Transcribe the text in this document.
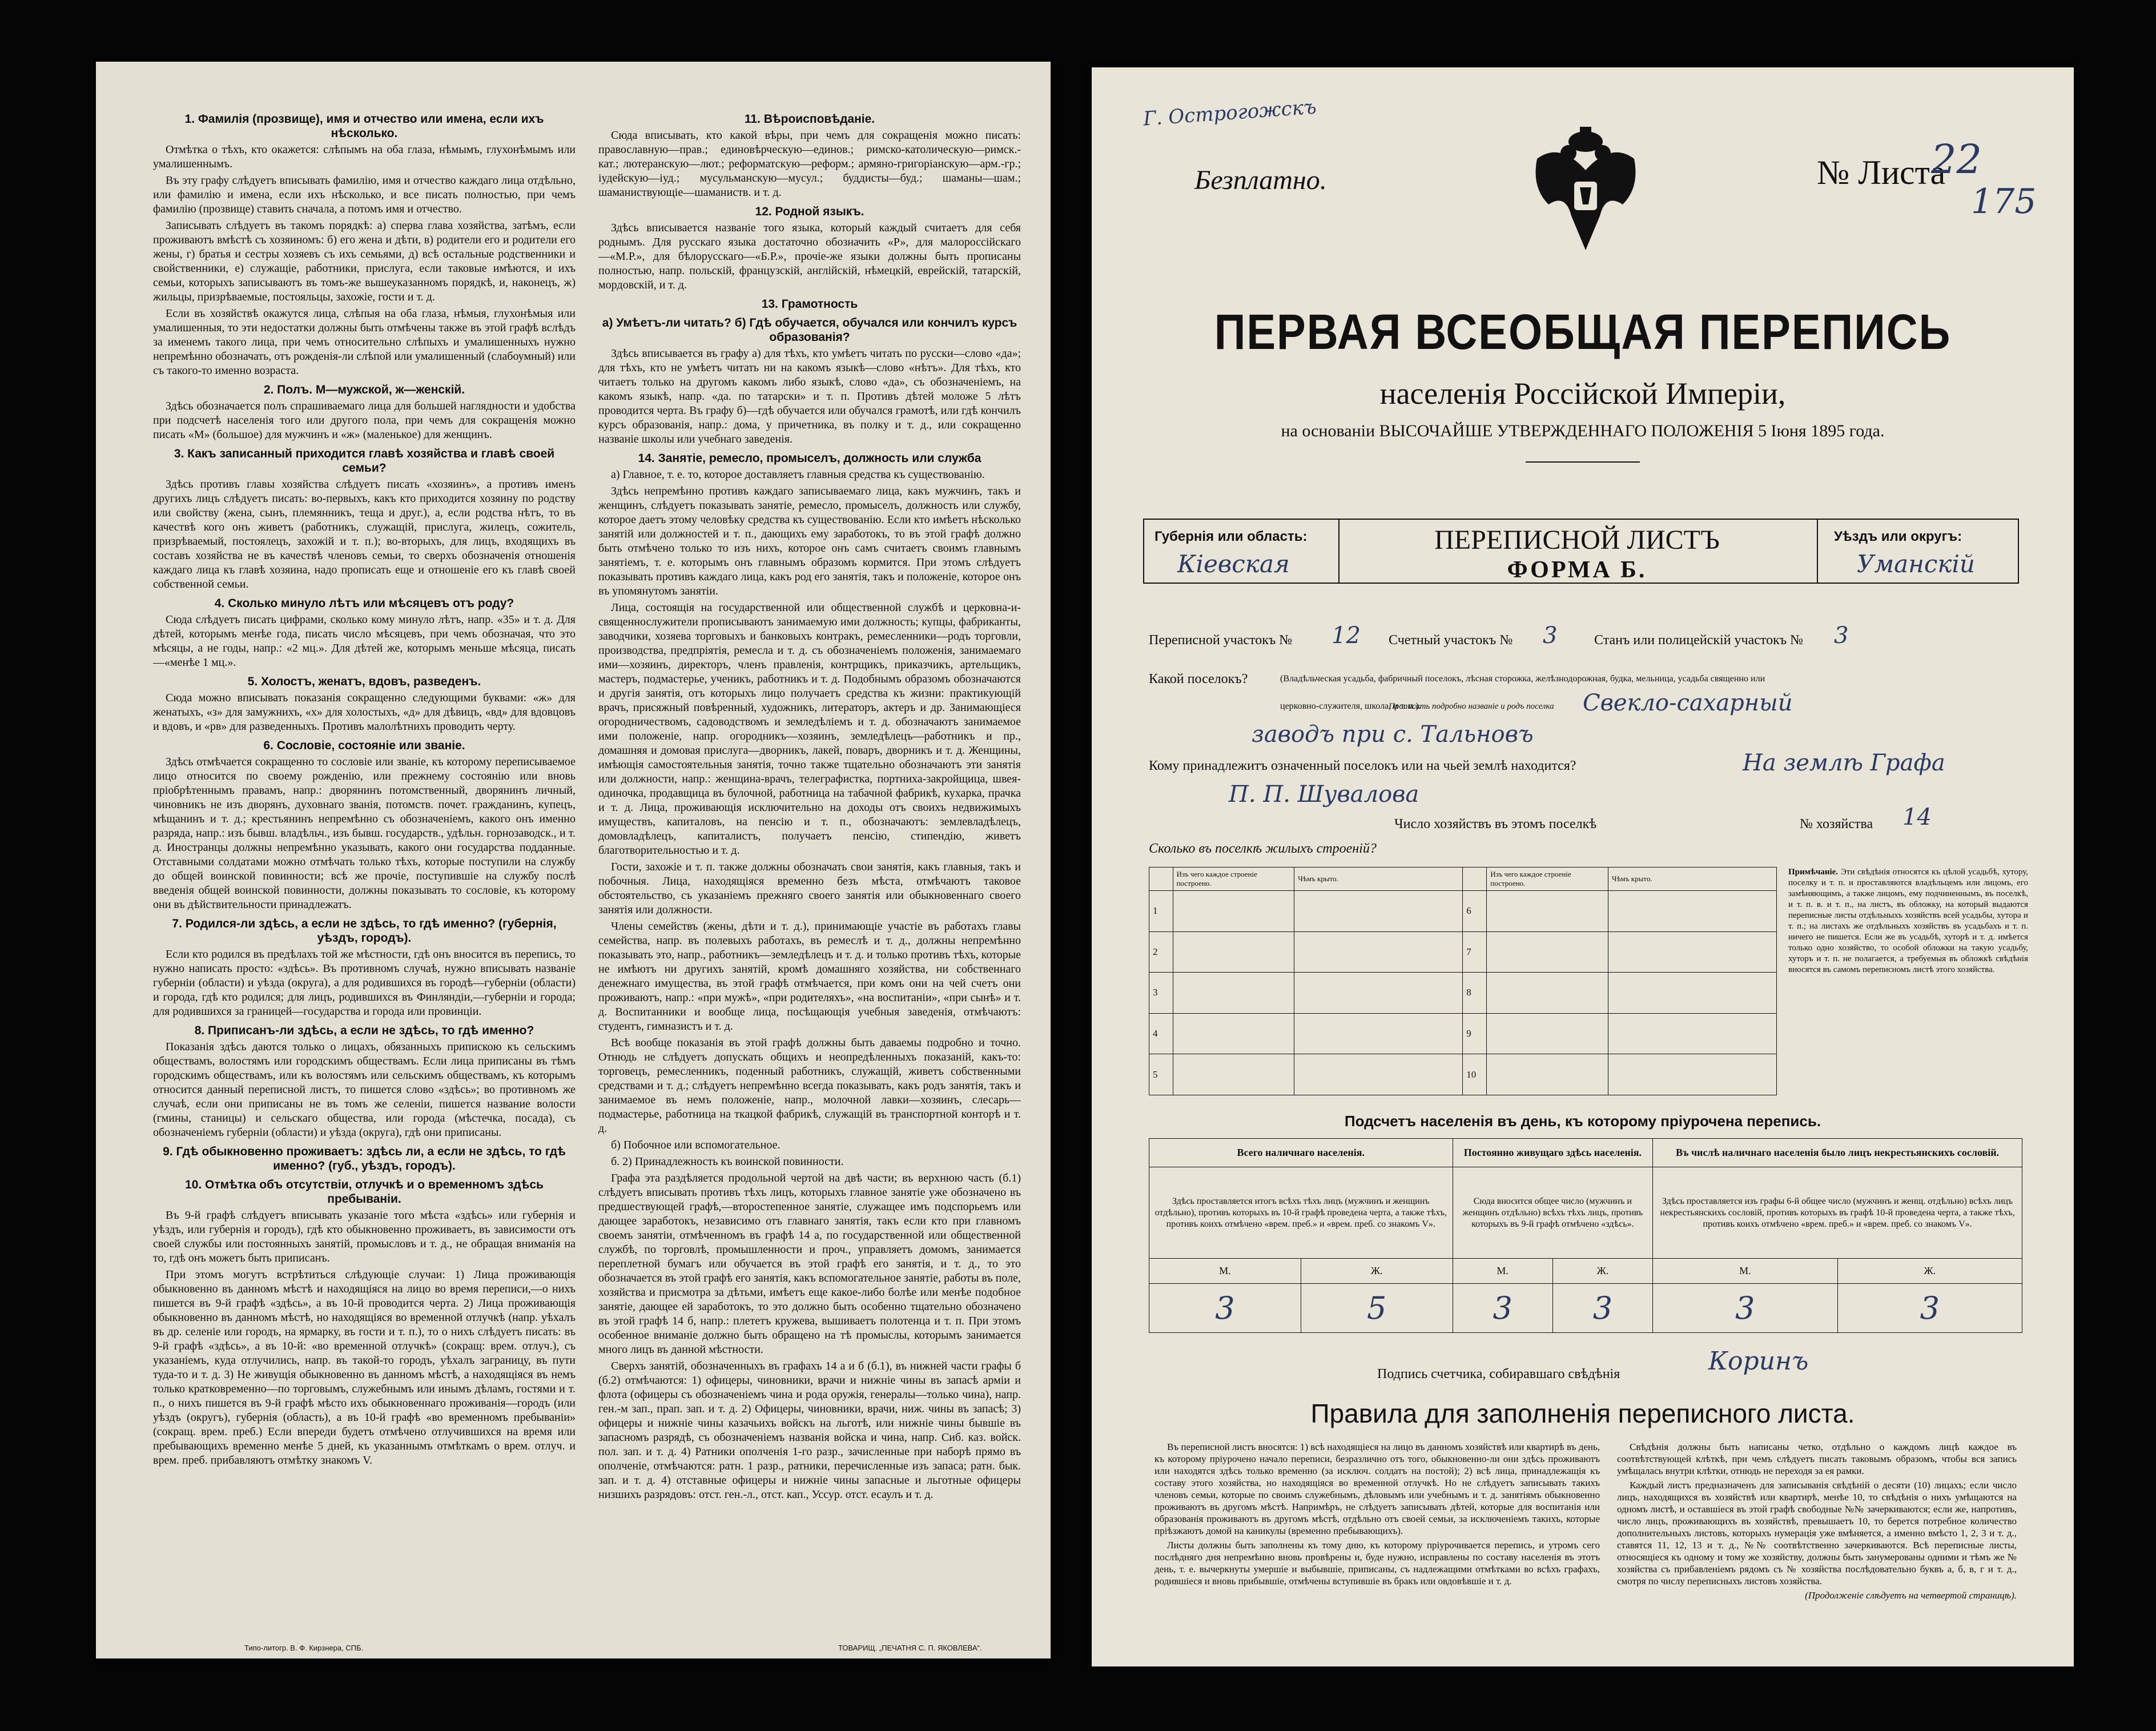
1. Фамилія (прозвище), имя и отчество или имена, если ихъ нѣсколько.
Отмѣтка о тѣхъ, кто окажется: слѣпымъ на оба глаза, нѣмымъ, глухонѣмымъ или умалишеннымъ.
Въ эту графу слѣдуетъ вписывать фамилію, имя и отчество каждаго лица отдѣльно, или фамилію и имена, если ихъ нѣсколько, и все писать полностью, при чемъ фамилію (прозвище) ставить сначала, а потомъ имя и отчество.
Записывать слѣдуетъ въ такомъ порядкѣ: а) сперва глава хозяйства, затѣмъ, если проживаютъ вмѣстѣ съ хозяиномъ: б) его жена и дѣти, в) родители его и родители его жены, г) братья и сестры хозяевъ съ ихъ семьями, д) всѣ остальные родственники и свойственники, е) служащіе, работники, прислуга, если таковые имѣются, и ихъ семьи, которыхъ записываютъ въ томъ-же вышеуказанномъ порядкѣ, и, наконецъ, ж) жильцы, призрѣваемые, постояльцы, захожіе, гости и т. д.
Если въ хозяйствѣ окажутся лица, слѣпыя на оба глаза, нѣмыя, глухонѣмыя или умалишенныя, то эти недостатки должны быть отмѣчены также въ этой графѣ вслѣдъ за именемъ такого лица, при чемъ относительно слѣпыхъ и умалишенныхъ нужно непремѣнно обозначать, отъ рожденія-ли слѣпой или умалишенный (слабоумный) или съ такого-то именно возраста.
2. Полъ. М—мужской, ж—женскій.
Здѣсь обозначается полъ спрашиваемаго лица для большей наглядности и удобства при подсчетѣ населенія того или другого пола, при чемъ для сокращенія можно писать «М» (большое) для мужчинъ и «ж» (маленькое) для женщинъ.
3. Какъ записанный приходится главѣ хозяйства и главѣ своей семьи?
Здѣсь противъ главы хозяйства слѣдуетъ писать «хозяинъ», а противъ именъ другихъ лицъ слѣдуетъ писать: во-первыхъ, какъ кто приходится хозяину по родству или свойству (жена, сынъ, племянникъ, теща и друг.), а, если родства нѣтъ, то въ качествѣ кого онъ живетъ (работникъ, служащій, прислуга, жилецъ, сожитель, призрѣваемый, постоялецъ, захожій и т. п.); во-вторыхъ, для лицъ, входящихъ въ составъ хозяйства не въ качествѣ членовъ семьи, то сверхъ обозначенія отношенія каждаго лица къ главѣ хозяина, надо прописать еще и отношеніе его къ главѣ своей собственной семьи.
4. Сколько минуло лѣтъ или мѣсяцевъ отъ роду?
Сюда слѣдуетъ писать цифрами, сколько кому минуло лѣтъ, напр. «35» и т. д. Для дѣтей, которымъ менѣе года, писать число мѣсяцевъ, при чемъ обозначая, что это мѣсяцы, а не годы, напр.: «2 мц.». Для дѣтей же, которымъ меньше мѣсяца, писать—«менѣе 1 мц.».
5. Холостъ, женатъ, вдовъ, разведенъ.
Сюда можно вписывать показанія сокращенно следующими буквами: «ж» для женатыхъ, «з» для замужнихъ, «х» для холостыхъ, «д» для дѣвицъ, «вд» для вдовцовъ и вдовъ, и «рв» для разведенныхъ. Противъ малолѣтнихъ проводить черту.
6. Сословіе, состояніе или званіе.
Здѣсь отмѣчается сокращенно то сословіе или званіе, къ которому переписываемое лицо относится по своему рожденію, или прежнему состоянію или вновь пріобрѣтеннымъ правамъ, напр.: дворянинъ потомственный, дворянинъ личный, чиновникъ не изъ дворянъ, духовнаго званія, потомств. почет. гражданинъ, купецъ, мѣщанинъ и т. д.; крестьянинъ непремѣнно съ обозначеніемъ, какого онъ именно разряда, напр.: изъ бывш. владѣльч., изъ бывш. государств., удѣльн. горнозаводск., и т. д. Иностранцы должны непремѣнно указывать, какого они государства подданные. Отставными солдатами можно отмѣчать только тѣхъ, которые поступили на службу до общей воинской повинности; всѣ же прочіе, поступившіе на службу послѣ введенія общей воинской повинности, должны показывать то сословіе, къ которому они въ дѣйствительности принадлежатъ.
7. Родился-ли здѣсь, а если не здѣсь, то гдѣ именно? (губернія, уѣздъ, городъ).
Если кто родился въ предѣлахъ той же мѣстности, гдѣ онъ вносится въ перепись, то нужно написать просто: «здѣсь». Въ противномъ случаѣ, нужно вписывать названіе губерніи (области) и уѣзда (округа), а для родившихся въ городѣ—губерніи (области) и города, гдѣ кто родился; для лицъ, родившихся въ Финляндіи,—губерніи и города; для родившихся за границей—государства и города или провинціи.
8. Приписанъ-ли здѣсь, а если не здѣсь, то гдѣ именно?
Показанія здѣсь даются только о лицахъ, обязанныхъ припискою къ сельскимъ обществамъ, волостямъ или городскимъ обществамъ. Если лица приписаны въ тѣмъ городскимъ обществамъ, или къ волостямъ или сельскимъ обществамъ, къ которымъ относится данный переписной листъ, то пишется слово «здѣсь»; во противномъ же случаѣ, если они приписаны не въ томъ же селеніи, пишется название волости (гмины, станицы) и сельскаго общества, или города (мѣстечка, посада), съ обозначеніемъ губерніи (области) и уѣзда (округа), гдѣ они приписаны.
9. Гдѣ обыкновенно проживаетъ: здѣсь ли, а если не здѣсь, то гдѣ именно? (губ., уѣздъ, городъ).
10. Отмѣтка объ отсутствіи, отлучкѣ и о временномъ здѣсь пребываніи.
Въ 9-й графѣ слѣдуетъ вписывать указаніе того мѣста «здѣсь» или губернія и уѣздъ, или губернія и городъ), гдѣ кто обыкновенно проживаетъ, въ зависимости отъ своей службы или постоянныхъ занятій, промысловъ и т. д., не обращая вниманія на то, гдѣ онъ можетъ быть приписанъ.
При этомъ могутъ встрѣтиться слѣдующіе случаи: 1) Лица проживающія обыкновенно въ данномъ мѣстѣ и находящіяся на лицо во время переписи,—о нихъ пишется въ 9-й графѣ «здѣсь», а въ 10-й проводится черта. 2) Лица проживающія обыкновенно въ данномъ мѣстѣ, но находящіяся во временной отлучкѣ (напр. уѣхалъ въ др. селеніе или городъ, на ярмарку, въ гости и т. п.), то о нихъ слѣдуетъ писать: въ 9-й графѣ «здѣсь», а въ 10-й: «во временной отлучкѣ» (сокращ: врем. отлуч.), съ указаніемъ, куда отлучились, напр. въ такой-то городъ, уѣхалъ заграницу, въ пути туда-то и т. д. 3) Не живущія обыкновенно въ данномъ мѣстѣ, а находящіяся въ немъ только кратковременно—по торговымъ, служебнымъ или инымъ дѣламъ, гостями и т. п., о нихъ пишется въ 9-й графѣ мѣсто ихъ обыкновеннаго проживанія—городъ (или уѣздъ (округъ), губернія (область), а въ 10-й графѣ «во временномъ пребываніи» (сокращ. врем. преб.) Если впереди будетъ отмѣчено отлучившихся на время или пребывающихъ временно менѣе 5 дней, къ указаннымъ отмѣткамъ о врем. отлуч. и врем. преб. прибавляютъ отмѣтку знакомъ V.
11. Вѣроисповѣданіе.
Сюда вписывать, кто какой вѣры, при чемъ для сокращенія можно писать: православную—прав.; единовѣрческую—единов.; римско-католическую—римск.-кат.; лютеранскую—лют.; реформатскую—реформ.; армяно-григоріанскую—арм.-гр.; іудейскую—іуд.; мусульманскую—мусул.; буддисты—буд.; шаманы—шам.; шаманиствующіе—шаманиств. и т. д.
12. Родной языкъ.
Здѣсь вписывается названіе того языка, который каждый считаетъ для себя роднымъ. Для русскаго языка достаточно обозначить «Р», для малороссійскаго—«М.Р.», для бѣлорусскаго—«Б.Р.», прочіе-же языки должны быть прописаны полностью, напр. польскій, французскій, англійскій, нѣмецкій, еврейскій, татарскій, мордовскій, и т. д.
13. Грамотность
а) Умѣетъ-ли читать? б) Гдѣ обучается, обучался или кончилъ курсъ образованія?
Здѣсь вписывается въ графу а) для тѣхъ, кто умѣетъ читать по русски—слово «да»; для тѣхъ, кто не умѣетъ читать ни на какомъ языкѣ—слово «нѣтъ». Для тѣхъ, кто читаетъ только на другомъ какомъ либо языкѣ, слово «да», съ обозначеніемъ, на какомъ языкѣ, напр. «да. по татарски» и т. п. Противъ дѣтей моложе 5 лѣтъ проводится черта. Въ графу б)—гдѣ обучается или обучался грамотѣ, или гдѣ кончилъ курсъ образованія, напр.: дома, у причетника, въ полку и т. д., или сокращенно названіе школы или учебнаго заведенія.
14. Занятіе, ремесло, промыселъ, должность или служба
а) Главное, т. е. то, которое доставляетъ главныя средства къ существованію.
Здѣсь непремѣнно противъ каждаго записываемаго лица, какъ мужчинъ, такъ и женщинъ, слѣдуетъ показывать занятіе, ремесло, промыселъ, должность или службу, которое даетъ этому человѣку средства къ существованію. Если кто имѣетъ нѣсколько занятій или должностей и т. п., дающихъ ему заработокъ, то въ этой графѣ должно быть отмѣчено только то изъ нихъ, которое онъ самъ считаетъ своимъ главнымъ занятіемъ, т. е. которымъ онъ главнымъ образомъ кормится. При этомъ слѣдуетъ показывать противъ каждаго лица, какъ род его занятія, такъ и положеніе, которое онъ въ упомянутомъ занятіи.
Лица, состоящія на государственной или общественной службѣ и церковна-и-священнослужители прописываютъ занимаемую ими должность; купцы, фабриканты, заводчики, хозяева торговыхъ и банковыхъ контракъ, ремесленники—родъ торговли, производства, предпріятія, ремесла и т. д. съ обозначеніемъ положенія, занимаемаго ими—хозяинъ, директоръ, членъ правленія, контрщикъ, приказчикъ, артельщикъ, мастеръ, подмастерье, ученикъ, работникъ и т. д. Подобнымъ образомъ обозначаются и другія занятія, отъ которыхъ лицо получаетъ средства къ жизни: практикующій врачъ, присяжный повѣренный, художникъ, литераторъ, актеръ и др. Занимающіеся огородничествомъ, садоводствомъ и земледѣліемъ и т. д. обозначаютъ занимаемое ими положеніе, напр. огородникъ—хозяинъ, земледѣлецъ—работникъ и пр., домашняя и домовая прислуга—дворникъ, лакей, поваръ, дворникъ и т. д. Женщины, имѣющія самостоятельныя занятія, точно также тщательно обозначаютъ эти занятія или должности, напр.: женщина-врачъ, телеграфистка, портниха-закройщица, швея-одиночка, продавщица въ булочной, работница на табачной фабрикѣ, кухарка, прачка и т. д. Лица, проживающія исключительно на доходы отъ своихъ недвижимыхъ имуществъ, капиталовъ, на пенсію и т. п., обозначаютъ: землевладѣлецъ, домовладѣлецъ, капиталистъ, получаетъ пенсію, стипендію, живетъ благотворительностью и т. д.
Гости, захожіе и т. п. также должны обозначать свои занятія, какъ главныя, такъ и побочныя. Лица, находящіяся временно безъ мѣста, отмѣчаютъ таковое обстоятельство, съ указаніемъ прежняго своего занятія или обыкновеннаго своего занятія или должности.
Члены семействъ (жены, дѣти и т. д.), принимающіе участіе въ работахъ главы семейства, напр. въ полевыхъ работахъ, въ ремеслѣ и т. д., должны непремѣнно показывать это, напр., работникъ—земледѣлецъ и т. д. и только противъ тѣхъ, которые не имѣютъ ни другихъ занятій, кромѣ домашняго хозяйства, ни собственнаго денежнаго имущества, въ этой графѣ отмѣчается, при комъ они на чей счетъ они проживаютъ, напр.: «при мужѣ», «при родителяхъ», «на воспитаніи», «при сынѣ» и т. д. Воспитанники и вообще лица, посѣщающія учебныя заведенія, отмѣчаютъ: студентъ, гимназистъ и т. д.
Всѣ вообще показанія въ этой графѣ должны быть даваемы подробно и точно. Отнюдь не слѣдуетъ допускать общихъ и неопредѣленныхъ показаній, какъ-то: торговецъ, ремесленникъ, поденный работникъ, служащій, живетъ собственными средствами и т. д.; слѣдуетъ непремѣнно всегда показывать, какъ родъ занятія, такъ и занимаемое въ немъ положеніе, напр., молочной лавки—хозяинъ, слесарь—подмастерье, работница на ткацкой фабрикѣ, служащій въ транспортной конторѣ и т. д.
б) Побочное или вспомогательное.
б. 2) Принадлежность къ воинской повинности.
Графа эта раздѣляется продольной чертой на двѣ части; въ верхнюю часть (б.1) слѣдуетъ вписывать противъ тѣхъ лицъ, которыхъ главное занятіе уже обозначено въ предшествующей графѣ,—второстепенное занятіе, служащее имъ подспорьемъ или дающее заработокъ, независимо отъ главнаго занятія, такъ если кто при главномъ своемъ занятіи, отмѣченномъ въ графѣ 14 а, по государственной или общественной службѣ, по торговлѣ, промышленности и проч., управляетъ домомъ, занимается переплетной бумагъ или обучается въ этой графѣ его занятія, и т. д., то это обозначается въ этой графѣ его занятія, какъ вспомогательное занятіе, работы въ поле, хозяйства и присмотра за дѣтьми, имѣетъ еще какое-либо болѣе или менѣе подобное занятіе, дающее ей заработокъ, то это должно быть особенно тщательно обозначено въ этой графѣ 14 б, напр.: плететъ кружева, вышиваетъ полотенца и т. п. При этомъ особенное вниманіе должно быть обращено на тѣ промыслы, которымъ занимается много лицъ въ данной мѣстности.
Сверхъ занятій, обозначенныхъ въ графахъ 14 а и б (б.1), въ нижней части графы б (б.2) отмѣчаются: 1) офицеры, чиновники, врачи и нижніе чины въ запасѣ арміи и флота (офицеры съ обозначеніемъ чина и рода оружія, генералы—только чина), напр. ген.-м зап., прап. зап. и т. д. 2) Офицеры, чиновники, врачи, ниж. чины въ запасѣ; 3) офицеры и нижніе чины казачьихъ войскъ на льготѣ, или нижніе чины бывшіе въ запасномъ разрядѣ, съ обозначеніемъ названія войска и чина, напр. Сиб. каз. войск. пол. зап. и т. д. 4) Ратники ополченія 1-го разр., зачисленные при наборѣ прямо въ ополченіе, отмѣчаются: ратн. 1 разр., ратники, перечисленные изъ запаса; ратн. бык. зап. и т. д. 4) отставные офицеры и нижніе чины запасные и льготные офицеры низшихъ разрядовъ: отст. ген.-л., отст. кап., Уссур. отст. есаулъ и т. д.
Типо-литогр. В. Ф. Кирзнера, СПБ.	ТОВАРИЩ. „ПЕЧАТНЯ С. П. ЯКОВЛЕВА“.
Г. Острогожскъ
Безплатно.	№ Листа
22
175
ПЕРВАЯ ВСЕОБЩАЯ ПЕРЕПИСЬ
населенія Россійской Имперіи,
на основаніи ВЫСОЧАЙШЕ УТВЕРЖДЕННАГО ПОЛОЖЕНІЯ 5 Іюня 1895 года.
Губернія или область:
Кіевская
ПЕРЕПИСНОЙ ЛИСТЪ
ФОРМА Б.
Уѣздъ или округъ:
Уманскій
Переписной участокъ № 12 Счетный участокъ № 3	Станъ или полицейскій участокъ № 3
Какой поселокъ?	(Владѣльческая усадьба, фабричный поселокъ, лѣсная сторожка, желѣзнодорожная, будка, мельница, усадьба священно или
церковно-служителя, школа, и т. п.).
Прописать подробно названіе и родъ поселка Свекло-сахарный
заводъ при с. Тальновъ
Кому принадлежитъ означенный поселокъ или на чьей землѣ находится?	На землѣ Графа
П. П. Шувалова
Число хозяйствъ въ этомъ поселкѣ	№ хозяйства 14
Сколько въ поселкѣ жилыхъ строеній?
	Изъ чего каждое строеніе построено.	Чѣмъ крыто.		Изъ чего каждое строеніе построено.	Чѣмъ крыто.
1			6		
2			7		
3			8		
4			9		
5			10		
Примѣчаніе. Эти свѣдѣнія относятся къ цѣлой усадьбѣ, хутору, поселку и т. п. и проставляются владѣльцемъ или лицомъ, его замѣняющимъ, а также лицомъ, ему подчиненнымъ, въ поселкѣ, и т. п. в. и т. п., на листъ, въ обложку, на который выдаются переписные листы отдѣльныхъ хозяйствъ всей усадьбы, хутора и т. п.; на листахъ же отдѣльныхъ хозяйствъ въ усадьбахъ и т. п. ничего не пишется. Если же въ усадьбѣ, хуторѣ и т. д. имѣется только одно хозяйство, то особой обложки на такую усадьбу, хуторъ и т. п. не полагается, а требуемыя въ обложкѣ свѣдѣнія вносятся въ самомъ переписномъ листѣ этого хозяйства.
Подсчетъ населенія въ день, къ которому пріурочена перепись.
Всего наличнаго населенія.		Постоянно живущаго здѣсь населенія.		Въ числѣ наличнаго населенія было лицъ некрестьянскихъ сословій.	
Здѣсь проставляется итогъ всѣхъ тѣхъ лицъ (мужчинъ и женщинъ отдѣльно), противъ которыхъ въ 10-й графѣ проведена черта, а также тѣхъ, противъ коихъ отмѣчено «врем. преб.» и «врем. преб. со знакомъ V».		Сюда вносится общее число (мужчинъ и женщинъ отдѣльно) всѣхъ тѣхъ лицъ, противъ которыхъ въ 9-й графѣ отмѣчено «здѣсь».		Здѣсь проставляется изъ графы 6-й общее число (мужчинъ и женщ. отдѣльно) всѣхъ лицъ некрестьянскихъ сословій, противъ которыхъ въ графѣ 10-й проведена черта, а также тѣхъ, противъ коихъ отмѣчено «врем. преб.» и «врем. преб. со знакомъ V».	
М.	Ж.	М.	Ж.	М.	Ж.
3	5	3	3	3	3
Подпись счетчика, собиравшаго свѣдѣнія	Коринъ
Правила для заполненія переписного листа.
Въ переписной листъ вносятся: 1) всѣ находящіеся на лицо въ данномъ хозяйствѣ или квартирѣ въ день, къ которому пріурочено начало переписи, безразлично отъ того, обыкновенно-ли они здѣсь проживаютъ или находятся здѣсь только временно (за исключ. солдатъ на постой); 2) всѣ лица, принадлежащія къ составу этого хозяйства, но находящіяся во временной отлучкѣ. Но не слѣдуетъ записывать такихъ членовъ семьи, которые по своимъ служебнымъ, дѣловымъ или учебнымъ и т. д. занятіямъ обыкновенно проживаютъ въ другомъ мѣстѣ. Напримѣръ, не слѣдуетъ записывать дѣтей, которые для воспитанія или образованія проживаютъ въ другомъ мѣстѣ, отдѣльно отъ своей семьи, за исключеніемъ такихъ, которые пріѣзжаютъ домой на каникулы (временно пребывающихъ).
Листы должны быть заполнены къ тому дню, къ которому пріурочивается перепись, и утромъ сего послѣдняго дня непремѣнно вновь провѣрены и, буде нужно, исправлены по составу населенія въ этотъ день, т. е. вычеркнуты умершіе и выбывшіе, приписаны, съ надлежащими отмѣтками во всѣхъ графахъ, родившіеся и вновь прибывшіе, отмѣчены вступившіе въ бракъ или овдовѣвшіе и т. д.
Свѣдѣнія должны быть написаны четко, отдѣльно о каждомъ лицѣ каждое въ соотвѣтствующей клѣткѣ, при чемъ слѣдуетъ писать таковымъ образомъ, чтобы вся запись умѣщалась внутри клѣтки, отнюдь не переходя за ея рамки.
Каждый листъ предназначенъ для записыванія свѣдѣній о десяти (10) лицахъ; если число лицъ, находящихся въ хозяйствѣ или квартирѣ, менѣе 10, то свѣдѣнія о нихъ умѣщаются на одномъ листѣ, и оставшіеся въ этой графѣ свободные №№ зачеркиваются; если же, напротивъ, число лицъ, проживающихъ въ хозяйствѣ, превышаетъ 10, то берется потребное количество дополнительныхъ листовъ, которыхъ нумерація уже вмѣняется, а именно вмѣсто 1, 2, 3 и т. д., ставятся 11, 12, 13 и т. д., №№ соотвѣтственно зачеркиваются. Всѣ переписные листы, относящіеся къ одному и тому же хозяйству, должны быть занумерованы одними и тѣмъ же № хозяйства съ прибавленіемъ рядомъ съ № хозяйства послѣдовательно буквъ а, б, в, г и т. д., смотря по числу переписныхъ листовъ хозяйства.
(Продолженіе слѣдуетъ на четвертой страницѣ).
